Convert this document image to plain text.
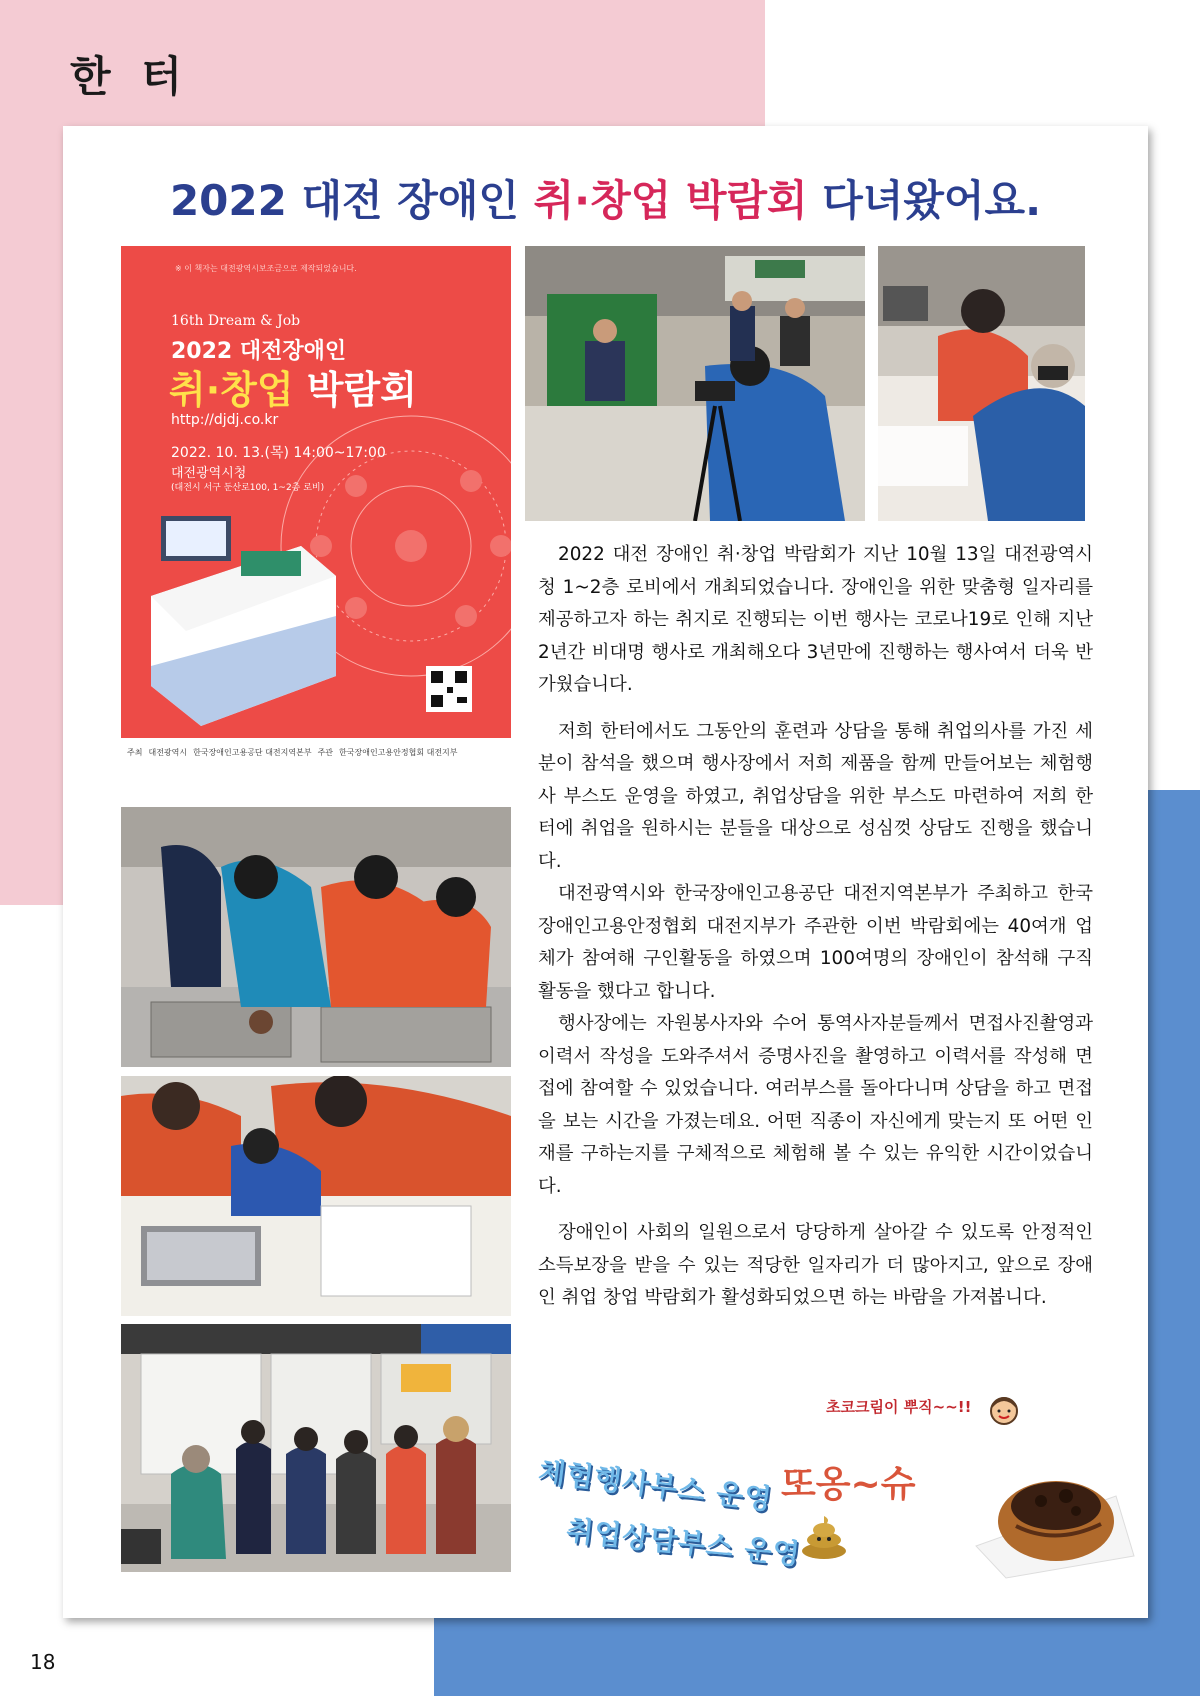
한 터
18
2022 대전 장애인 취·창업 박람회 다녀왔어요.
※ 이 책자는 대전광역시보조금으로 제작되었습니다.
16th Dream & Job
2022 대전장애인
취·창업 박람회
http://djdj.co.kr
2022. 10. 13.(목) 14:00~17:00
대전광역시청
(대전시 서구 둔산로100, 1~2층 로비)
주최 대전광역시 한국장애인고용공단 대전지역본부 주관 한국장애인고용안정협회 대전지부

2022 대전 장애인 취·창업 박람회가 지난 10월 13일 대전광역시청 1~2층 로비에서 개최되었습니다. 장애인을 위한 맞춤형 일자리를 제공하고자 하는 취지로 진행되는 이번 행사는 코로나19로 인해 지난 2년간 비대명 행사로 개최해오다 3년만에 진행하는 행사여서 더욱 반가웠습니다.

저희 한터에서도 그동안의 훈련과 상담을 통해 취업의사를 가진 세분이 참석을 했으며 행사장에서 저희 제품을 함께 만들어보는 체험행사 부스도 운영을 하였고, 취업상담을 위한 부스도 마련하여 저희 한터에 취업을 원하시는 분들을 대상으로 성심껏 상담도 진행을 했습니다.

대전광역시와 한국장애인고용공단 대전지역본부가 주최하고 한국장애인고용안정협회 대전지부가 주관한 이번 박람회에는 40여개 업체가 참여해 구인활동을 하였으며 100여명의 장애인이 참석해 구직활동을 했다고 합니다.

행사장에는 자원봉사자와 수어 통역사자분들께서 면접사진촬영과 이력서 작성을 도와주셔서 증명사진을 촬영하고 이력서를 작성해 면접에 참여할 수 있었습니다. 여러부스를 돌아다니며 상담을 하고 면접을 보는 시간을 가졌는데요. 어떤 직종이 자신에게 맞는지 또 어떤 인재를 구하는지를 구체적으로 체험해 볼 수 있는 유익한 시간이었습니다.

장애인이 사회의 일원으로서 당당하게 살아갈 수 있도록 안정적인 소득보장을 받을 수 있는 적당한 일자리가 더 많아지고, 앞으로 장애인 취업 창업 박람회가 활성화되었으면 하는 바람을 가져봅니다.

초코크림이 뿌직~~!!
체험행사부스 운영
취업상담부스 운영
또옹~슈
